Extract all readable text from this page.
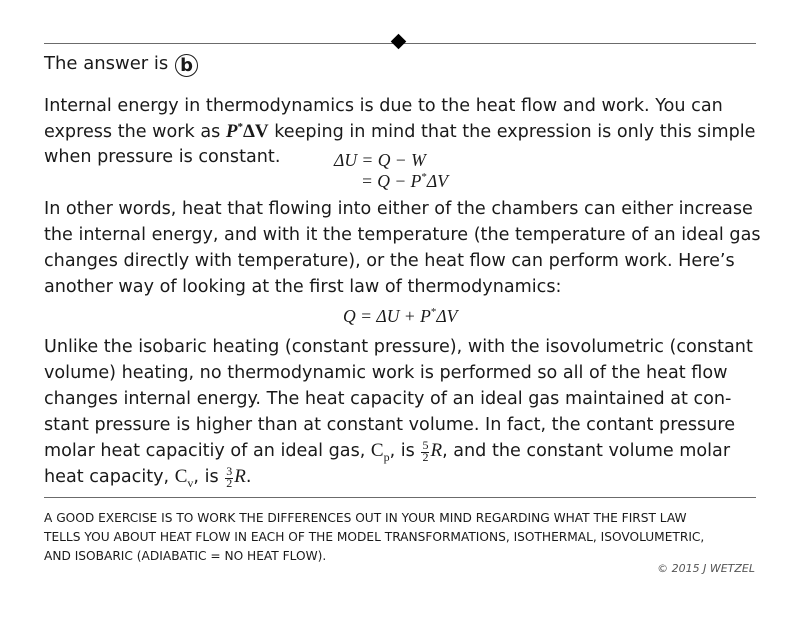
The answer is b
Internal energy in thermodynamics is due to the heat flow and work. You can
express the work as P*ΔV keeping in mind that the expression is only this simple
when pressure is constant.	ΔU = Q − W
= Q − P*ΔV
In other words, heat that flowing into either of the chambers can either increase
the internal energy, and with it the temperature (the temperature of an ideal gas
changes directly with temperature), or the heat flow can perform work. Here’s
another way of looking at the first law of thermodynamics:
Q = ΔU + P*ΔV
Unlike the isobaric heating (constant pressure), with the isovolumetric (constant
volume) heating, no thermodynamic work is performed so all of the heat flow
changes internal energy. The heat capacity of an ideal gas maintained at con-
stant pressure is higher than at constant volume. In fact, the contant pressure
molar heat capacitiy of an ideal gas, $C_p$, is $\frac{5}{2} R$, and the constant volume molar
heat capacity, $C_v$, is $\frac{3}{2} R$.
A GOOD EXERCISE IS TO WORK THE DIFFERENCES OUT IN YOUR MIND REGARDING WHAT THE FIRST LAW
TELLS YOU ABOUT HEAT FLOW IN EACH OF THE MODEL TRANSFORMATIONS, ISOTHERMAL, ISOVOLUMETRIC,
AND ISOBARIC (ADIABATIC = NO HEAT FLOW).
© 2015 J WETZEL
